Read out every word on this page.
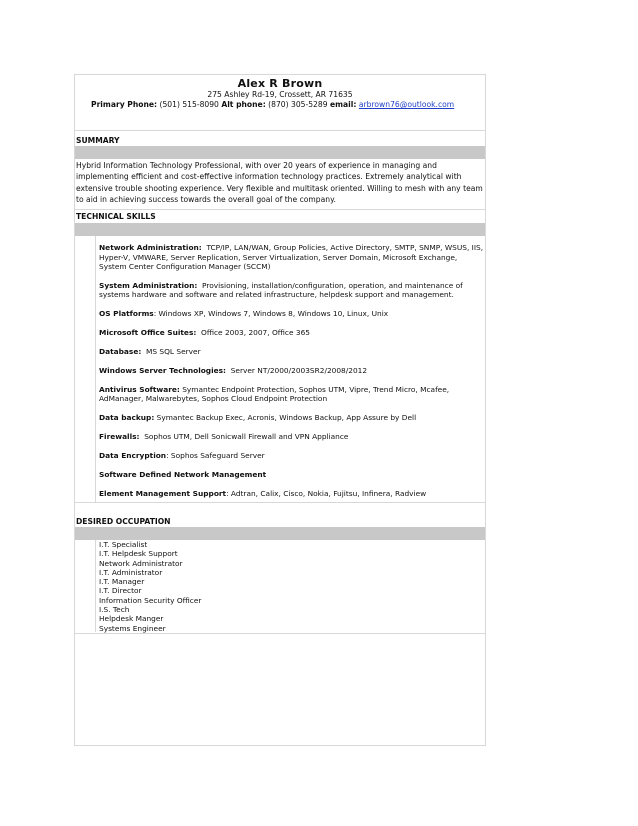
Alex R Brown
275 Ashley Rd-19, Crossett, AR 71635
Primary Phone: (501) 515-8090 Alt phone: (870) 305-5289 email: arbrown76@outlook.com
SUMMARY
Hybrid Information Technology Professional, with over 20 years of experience in managing and implementing efficient and cost-effective information technology practices. Extremely analytical with extensive trouble shooting experience. Very flexible and multitask oriented. Willing to mesh with any team to aid in achieving success towards the overall goal of the company.
TECHNICAL SKILLS
Network Administration: TCP/IP, LAN/WAN, Group Policies, Active Directory, SMTP, SNMP, WSUS, IIS, Hyper-V, VMWARE, Server Replication, Server Virtualization, Server Domain, Microsoft Exchange, System Center Configuration Manager (SCCM)
System Administration: Provisioning, installation/configuration, operation, and maintenance of systems hardware and software and related infrastructure, helpdesk support and management.
OS Platforms: Windows XP, Windows 7, Windows 8, Windows 10, Linux, Unix
Microsoft Office Suites: Office 2003, 2007, Office 365
Database: MS SQL Server
Windows Server Technologies: Server NT/2000/2003SR2/2008/2012
Antivirus Software: Symantec Endpoint Protection, Sophos UTM, Vipre, Trend Micro, Mcafee, AdManager, Malwarebytes, Sophos Cloud Endpoint Protection
Data backup: Symantec Backup Exec, Acronis, Windows Backup, App Assure by Dell
Firewalls: Sophos UTM, Dell Sonicwall Firewall and VPN Appliance
Data Encryption: Sophos Safeguard Server
Software Defined Network Management
Element Management Support: Adtran, Calix, Cisco, Nokia, Fujitsu, Infinera, Radview
DESIRED OCCUPATION
I.T. Specialist
I.T. Helpdesk Support
Network Administrator
I.T. Administrator
I.T. Manager
I.T. Director
Information Security Officer
I.S. Tech
Helpdesk Manger
Systems Engineer
